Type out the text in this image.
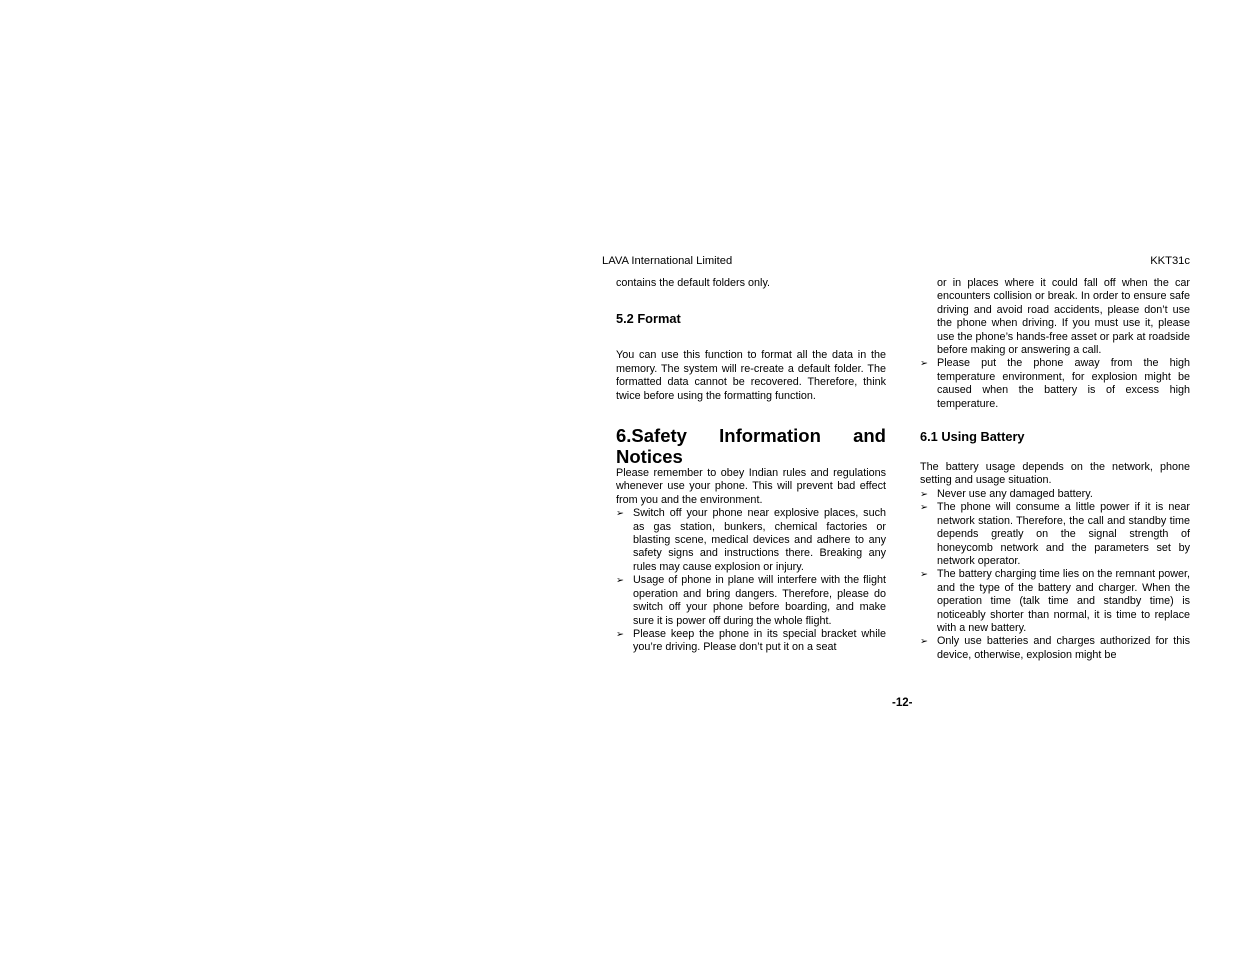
LAVA International Limited	KKT31c

contains the default folders only.

5.2 Format

You can use this function to format all the data in the memory. The system will re-create a default folder. The formatted data cannot be recovered. Therefore, think twice before using the formatting function.

6.Safety Information and
Notices

Please remember to obey Indian rules and regulations whenever use your phone. This will prevent bad effect from you and the environment.

➢ Switch off your phone near explosive places, such as gas station, bunkers, chemical factories or blasting scene, medical devices and adhere to any safety signs and instructions there. Breaking any rules may cause explosion or injury.
➢ Usage of phone in plane will interfere with the flight operation and bring dangers. Therefore, please do switch off your phone before boarding, and make sure it is power off during the whole flight.
➢ Please keep the phone in its special bracket while you’re driving. Please don’t put it on a seat
or in places where it could fall off when the car encounters collision or break. In order to ensure safe driving and avoid road accidents, please don’t use the phone when driving. If you must use it, please use the phone’s hands-free asset or park at roadside before making or answering a call.
➢ Please put the phone away from the high temperature environment, for explosion might be caused when the battery is of excess high temperature.
6.1 Using Battery

The battery usage depends on the network, phone setting and usage situation.

➢ Never use any damaged battery.
➢ The phone will consume a little power if it is near network station. Therefore, the call and standby time depends greatly on the signal strength of honeycomb network and the parameters set by network operator.
➢ The battery charging time lies on the remnant power, and the type of the battery and charger. When the operation time (talk time and standby time) is noticeably shorter than normal, it is time to replace with a new battery.
➢ Only use batteries and charges authorized for this device, otherwise, explosion might be
-12-
